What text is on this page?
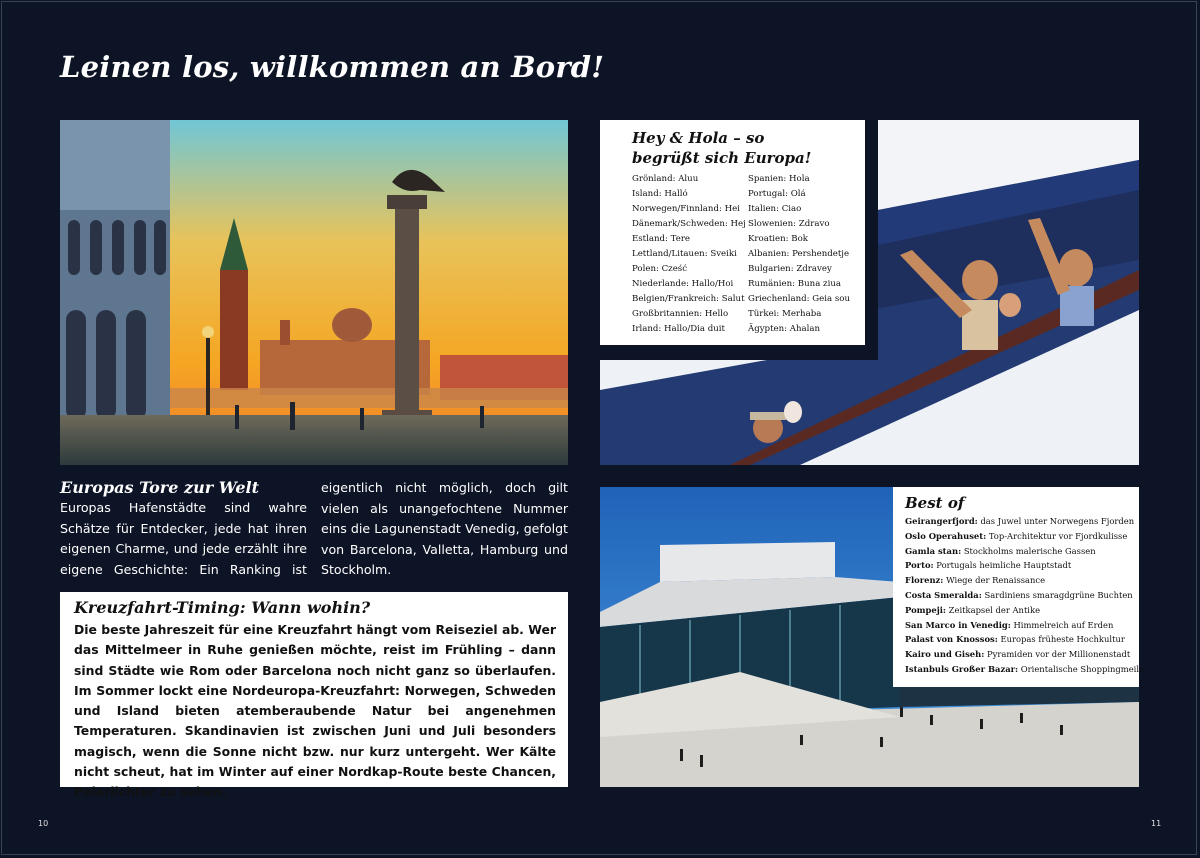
Leinen los, willkommen an Bord!
Europas Hafenstädte sind wahre Schätze für Entdecker, jede hat ihren eigenen Charme, und jede erzählt ihre eigene Geschichte: Ein Ranking ist eigentlich nicht möglich, doch gilt vielen als unangefochtene Nummer eins die Lagunenstadt Venedig, gefolgt von Barcelona, Valletta, Hamburg und Stockholm.
Europas Tore zur Welt
Kreuzfahrt-Timing: Wann wohin?

Die beste Jahreszeit für eine Kreuzfahrt hängt vom Reiseziel ab. Wer das Mittelmeer in Ruhe genießen möchte, reist im Frühling – dann sind Städte wie Rom oder Barcelona noch nicht ganz so überlaufen. Im Sommer lockt eine Nordeuropa-Kreuzfahrt: Norwegen, Schweden und Island bieten atemberaubende Natur bei angenehmen Temperaturen. Skandinavien ist zwischen Juni und Juli besonders magisch, wenn die Sonne nicht bzw. nur kurz untergeht. Wer Kälte nicht scheut, hat im Winter auf einer Nordkap-Route beste Chancen, Polarlichter zu sehen.

Hey & Hola – so
begrüßt sich Europa!
Grönland: Aluu
Island: Halló
Norwegen/Finnland: Hei
Dänemark/Schweden: Hej
Estland: Tere
Lettland/Litauen: Sveiki
Polen: Cześć
Niederlande: Hallo/Hoi
Belgien/Frankreich: Salut
Großbritannien: Hello
Irland: Hallo/Dia duit
Spanien: Hola
Portugal: Olá
Italien: Ciao
Slowenien: Zdravo
Kroatien: Bok
Albanien: Pershendetje
Bulgarien: Zdravey
Rumänien: Buna ziua
Griechenland: Geia sou
Türkei: Merhaba
Ägypten: Ahalan
Best of
Geirangerfjord: das Juwel unter Norwegens Fjorden
Oslo Operahuset: Top-Architektur vor Fjordkulisse
Gamla stan: Stockholms malerische Gassen
Porto: Portugals heimliche Hauptstadt
Florenz: Wiege der Renaissance
Costa Smeralda: Sardiniens smaragdgrüne Buchten
Pompeji: Zeitkapsel der Antike
San Marco in Venedig: Himmelreich auf Erden
Palast von Knossos: Europas früheste Hochkultur
Kairo und Giseh: Pyramiden vor der Millionenstadt
Istanbuls Großer Bazar: Orientalische Shoppingmeile
10	11
